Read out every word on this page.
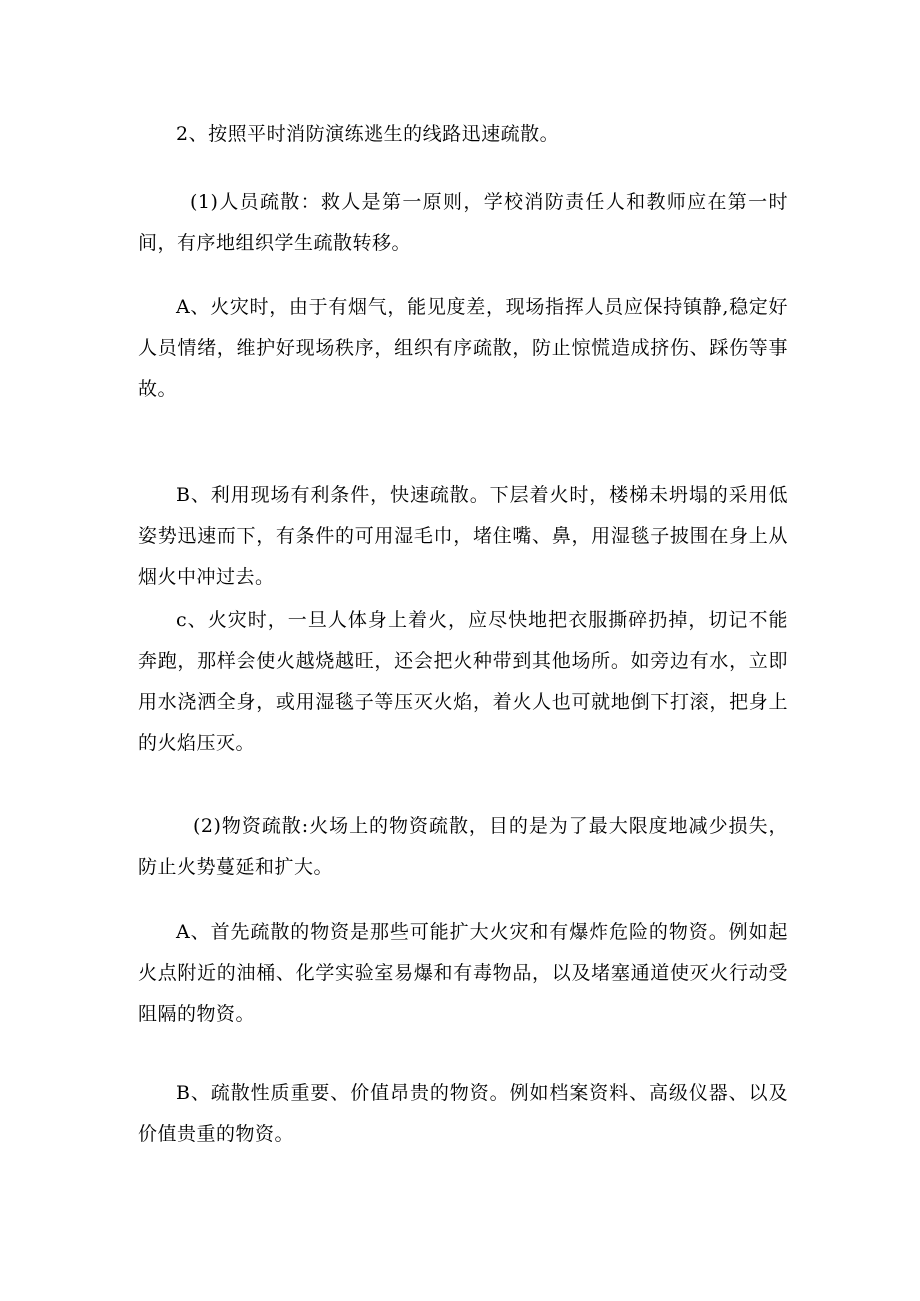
2、按照平时消防演练逃生的线路迅速疏散。

(1)人员疏散：救人是第一原则，学校消防责任人和教师应在第一时间，有序地组织学生疏散转移。

A、火灾时，由于有烟气，能见度差，现场指挥人员应保持镇静,稳定好人员情绪，维护好现场秩序，组织有序疏散，防止惊慌造成挤伤、踩伤等事故。

B、利用现场有利条件，快速疏散。下层着火时，楼梯未坍塌的采用低姿势迅速而下，有条件的可用湿毛巾，堵住嘴、鼻，用湿毯子披围在身上从烟火中冲过去。

c、火灾时，一旦人体身上着火，应尽快地把衣服撕碎扔掉，切记不能奔跑，那样会使火越烧越旺，还会把火种带到其他场所。如旁边有水，立即用水浇洒全身，或用湿毯子等压灭火焰，着火人也可就地倒下打滚，把身上的火焰压灭。

(2)物资疏散:火场上的物资疏散，目的是为了最大限度地减少损失，防止火势蔓延和扩大。

A、首先疏散的物资是那些可能扩大火灾和有爆炸危险的物资。例如起火点附近的油桶、化学实验室易爆和有毒物品，以及堵塞通道使灭火行动受阻隔的物资。

B、疏散性质重要、价值昂贵的物资。例如档案资料、高级仪器、以及价值贵重的物资。
